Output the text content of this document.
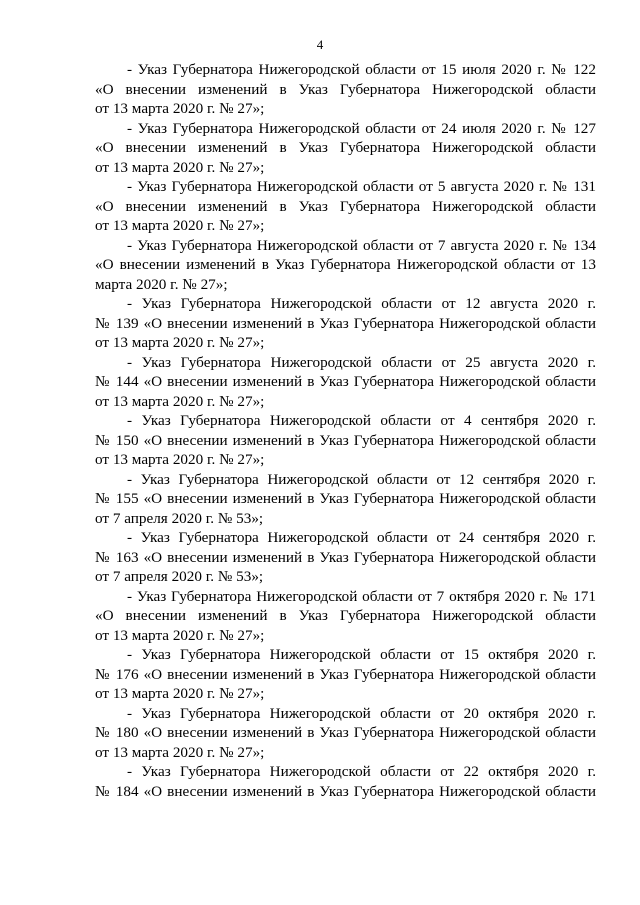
4
- Указ Губернатора Нижегородской области от 15 июля 2020 г. № 122
«О внесении изменений в Указ Губернатора Нижегородской области
от 13 марта 2020 г. № 27»;
- Указ Губернатора Нижегородской области от 24 июля 2020 г. № 127
«О внесении изменений в Указ Губернатора Нижегородской области
от 13 марта 2020 г. № 27»;
- Указ Губернатора Нижегородской области от 5 августа 2020 г. № 131
«О внесении изменений в Указ Губернатора Нижегородской области
от 13 марта 2020 г. № 27»;
- Указ Губернатора Нижегородской области от 7 августа 2020 г. № 134
«О внесении изменений в Указ Губернатора Нижегородской области от 13
марта 2020 г. № 27»;
- Указ Губернатора Нижегородской области от 12 августа 2020 г.
№ 139 «О внесении изменений в Указ Губернатора Нижегородской области
от 13 марта 2020 г. № 27»;
- Указ Губернатора Нижегородской области от 25 августа 2020 г.
№ 144 «О внесении изменений в Указ Губернатора Нижегородской области
от 13 марта 2020 г. № 27»;
- Указ Губернатора Нижегородской области от 4 сентября 2020 г.
№ 150 «О внесении изменений в Указ Губернатора Нижегородской области
от 13 марта 2020 г. № 27»;
- Указ Губернатора Нижегородской области от 12 сентября 2020 г.
№ 155 «О внесении изменений в Указ Губернатора Нижегородской области
от 7 апреля 2020 г. № 53»;
- Указ Губернатора Нижегородской области от 24 сентября 2020 г.
№ 163 «О внесении изменений в Указ Губернатора Нижегородской области
от 7 апреля 2020 г. № 53»;
- Указ Губернатора Нижегородской области от 7 октября 2020 г. № 171
«О внесении изменений в Указ Губернатора Нижегородской области
от 13 марта 2020 г. № 27»;
- Указ Губернатора Нижегородской области от 15 октября 2020 г.
№ 176 «О внесении изменений в Указ Губернатора Нижегородской области
от 13 марта 2020 г. № 27»;
- Указ Губернатора Нижегородской области от 20 октября 2020 г.
№ 180 «О внесении изменений в Указ Губернатора Нижегородской области
от 13 марта 2020 г. № 27»;
- Указ Губернатора Нижегородской области от 22 октября 2020 г.
№ 184 «О внесении изменений в Указ Губернатора Нижегородской области
